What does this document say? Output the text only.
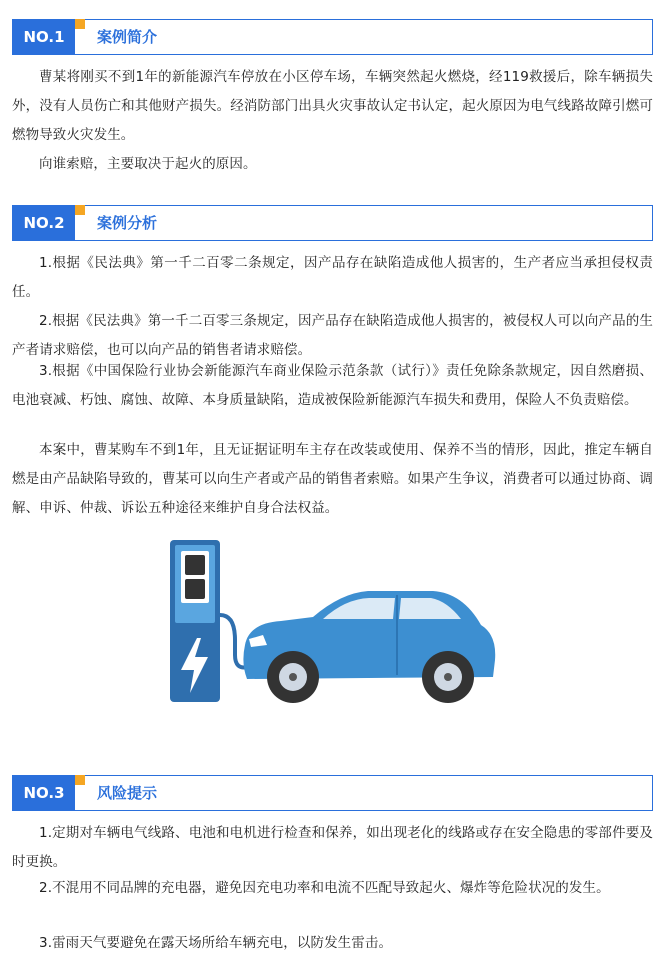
NO.1	案例简介

曹某将刚买不到1年的新能源汽车停放在小区停车场，车辆突然起火燃烧，经119救援后，除车辆损失外，没有人员伤亡和其他财产损失。经消防部门出具火灾事故认定书认定，起火原因为电气线路故障引燃可燃物导致火灾发生。

向谁索赔，主要取决于起火的原因。

NO.2	案例分析

1.根据《民法典》第一千二百零二条规定，因产品存在缺陷造成他人损害的，生产者应当承担侵权责任。

2.根据《民法典》第一千二百零三条规定，因产品存在缺陷造成他人损害的，被侵权人可以向产品的生产者请求赔偿，也可以向产品的销售者请求赔偿。

3.根据《中国保险行业协会新能源汽车商业保险示范条款（试行）》责任免除条款规定，因自然磨损、电池衰减、朽蚀、腐蚀、故障、本身质量缺陷，造成被保险新能源汽车损失和费用，保险人不负责赔偿。

本案中，曹某购车不到1年，且无证据证明车主存在改装或使用、保养不当的情形，因此，推定车辆自燃是由产品缺陷导致的，曹某可以向生产者或产品的销售者索赔。如果产生争议，消费者可以通过协商、调解、申诉、仲裁、诉讼五种途径来维护自身合法权益。

NO.3	风险提示

1.定期对车辆电气线路、电池和电机进行检查和保养，如出现老化的线路或存在安全隐患的零部件要及时更换。

2.不混用不同品牌的充电器，避免因充电功率和电流不匹配导致起火、爆炸等危险状况的发生。

3.雷雨天气要避免在露天场所给车辆充电，以防发生雷击。
